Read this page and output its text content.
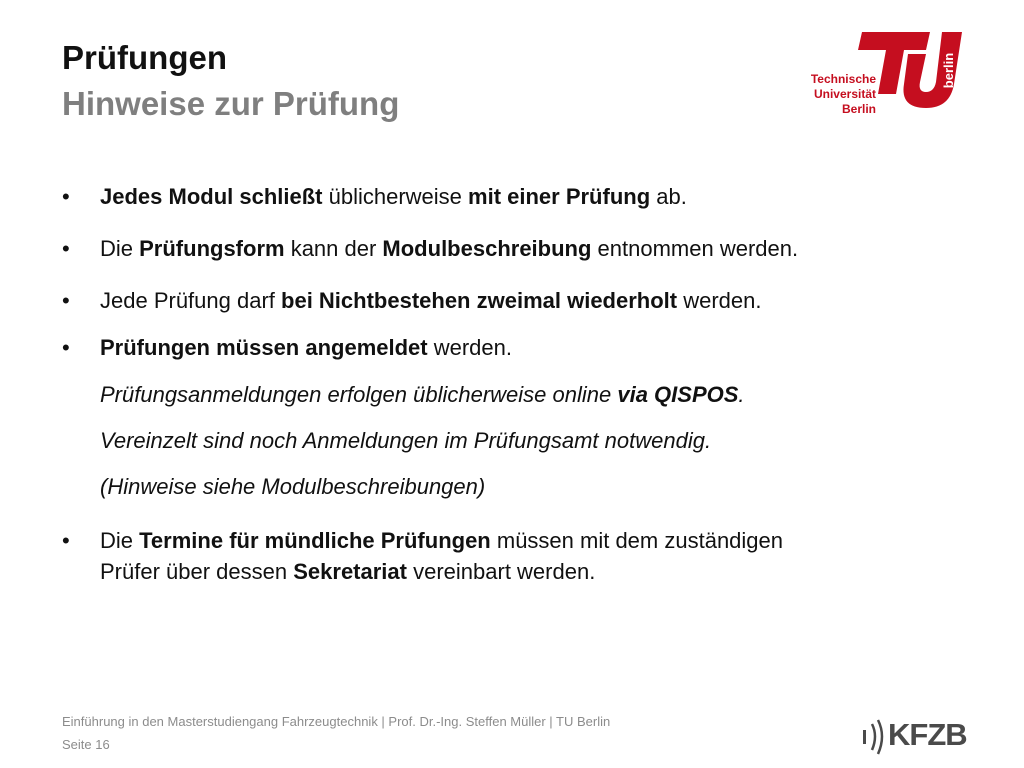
Prüfungen
Hinweise zur Prüfung
Technische
Universität
Berlin
berlin
•	Jedes Modul schließt üblicherweise mit einer Prüfung ab.
•	Die Prüfungsform kann der Modulbeschreibung entnommen werden.
•	Jede Prüfung darf bei Nichtbestehen zweimal wiederholt werden.
•	Prüfungen müssen angemeldet werden.
•	Die Termine für mündliche Prüfungen müssen mit dem zuständigen
Prüfer über dessen Sekretariat vereinbart werden.
Prüfungsanmeldungen erfolgen üblicherweise online via QISPOS.
Vereinzelt sind noch Anmeldungen im Prüfungsamt notwendig.
(Hinweise siehe Modulbeschreibungen)
Einführung in den Masterstudiengang Fahrzeugtechnik | Prof. Dr.-Ing. Steffen Müller | TU Berlin
Seite 16	KFZB
